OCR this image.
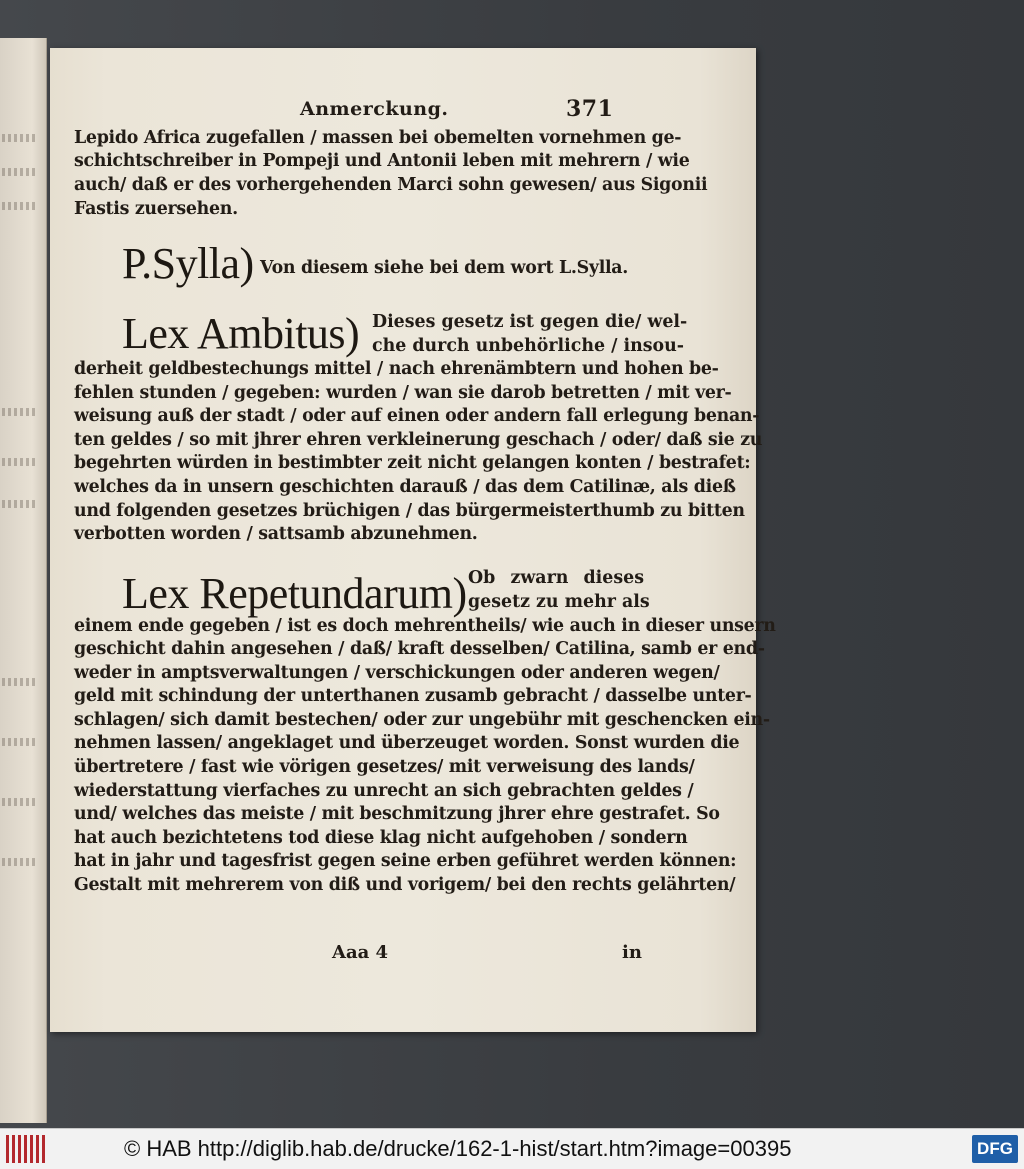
Anmerckung.	371
Lepido Africa zugefallen / massen bei obemelten vornehmen ge-
schichtschreiber in Pompeji und Antonii leben mit mehrern / wie
auch/ daß er des vorhergehenden Marci sohn gewesen/ aus Sigonii
Fastis zuersehen.
P.Sylla) Von diesem siehe bei dem wort L.Sylla.
Lex Ambitus) Dieses gesetz ist gegen die/ wel-
che durch unbehörliche / insou-
derheit geldbestechungs mittel / nach ehrenämbtern und hohen be-
fehlen stunden / gegeben: wurden / wan sie darob betretten / mit ver-
weisung auß der stadt / oder auf einen oder andern fall erlegung benan-
ten geldes / so mit jhrer ehren verkleinerung geschach / oder/ daß sie zu
begehrten würden in bestimbter zeit nicht gelangen konten / bestrafet:
welches da in unsern geschichten darauß / das dem Catilinæ, als dieß
und folgenden gesetzes brüchigen / das bürgermeisterthumb zu bitten
verbotten worden / sattsamb abzunehmen.
Lex Repetundarum) Ob zwarn dieses
gesetz zu mehr als
einem ende gegeben / ist es doch mehrentheils/ wie auch in dieser unsern
geschicht dahin angesehen / daß/ kraft desselben/ Catilina, samb er end-
weder in amptsverwaltungen / verschickungen oder anderen wegen/
geld mit schindung der unterthanen zusamb gebracht / dasselbe unter-
schlagen/ sich damit bestechen/ oder zur ungebühr mit geschencken ein-
nehmen lassen/ angeklaget und überzeuget worden. Sonst wurden die
übertretere / fast wie vörigen gesetzes/ mit verweisung des lands/
wiederstattung vierfaches zu unrecht an sich gebrachten geldes /
und/ welches das meiste / mit beschmitzung jhrer ehre gestrafet. So
hat auch bezichtetens tod diese klag nicht aufgehoben / sondern
hat in jahr und tagesfrist gegen seine erben geführet werden können:
Gestalt mit mehrerem von diß und vorigem/ bei den rechts gelährten/
Aaa 4	in
© HAB http://diglib.hab.de/drucke/162-1-hist/start.htm?image=00395	DFG
